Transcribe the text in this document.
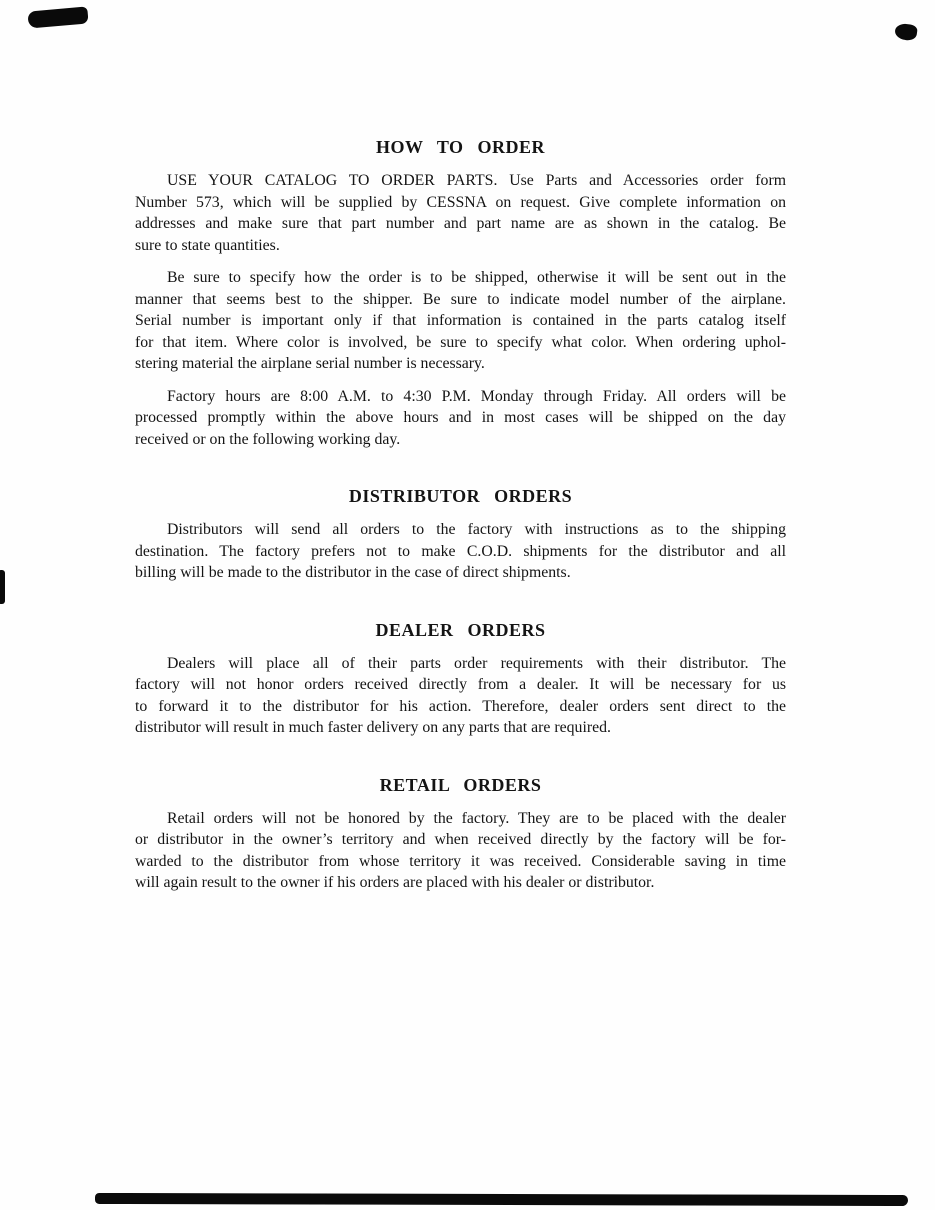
HOW TO ORDER
USE YOUR CATALOG TO ORDER PARTS. Use Parts and Accessories order form
Number 573, which will be supplied by CESSNA on request. Give complete information on
addresses and make sure that part number and part name are as shown in the catalog. Be
sure to state quantities.
Be sure to specify how the order is to be shipped, otherwise it will be sent out in the
manner that seems best to the shipper. Be sure to indicate model number of the airplane.
Serial number is important only if that information is contained in the parts catalog itself
for that item. Where color is involved, be sure to specify what color. When ordering uphol-
stering material the airplane serial number is necessary.
Factory hours are 8:00 A.M. to 4:30 P.M. Monday through Friday. All orders will be
processed promptly within the above hours and in most cases will be shipped on the day
received or on the following working day.
DISTRIBUTOR ORDERS
Distributors will send all orders to the factory with instructions as to the shipping
destination. The factory prefers not to make C.O.D. shipments for the distributor and all
billing will be made to the distributor in the case of direct shipments.
DEALER ORDERS
Dealers will place all of their parts order requirements with their distributor. The
factory will not honor orders received directly from a dealer. It will be necessary for us
to forward it to the distributor for his action. Therefore, dealer orders sent direct to the
distributor will result in much faster delivery on any parts that are required.
RETAIL ORDERS
Retail orders will not be honored by the factory. They are to be placed with the dealer
or distributor in the owner’s territory and when received directly by the factory will be for-
warded to the distributor from whose territory it was received. Considerable saving in time
will again result to the owner if his orders are placed with his dealer or distributor.
